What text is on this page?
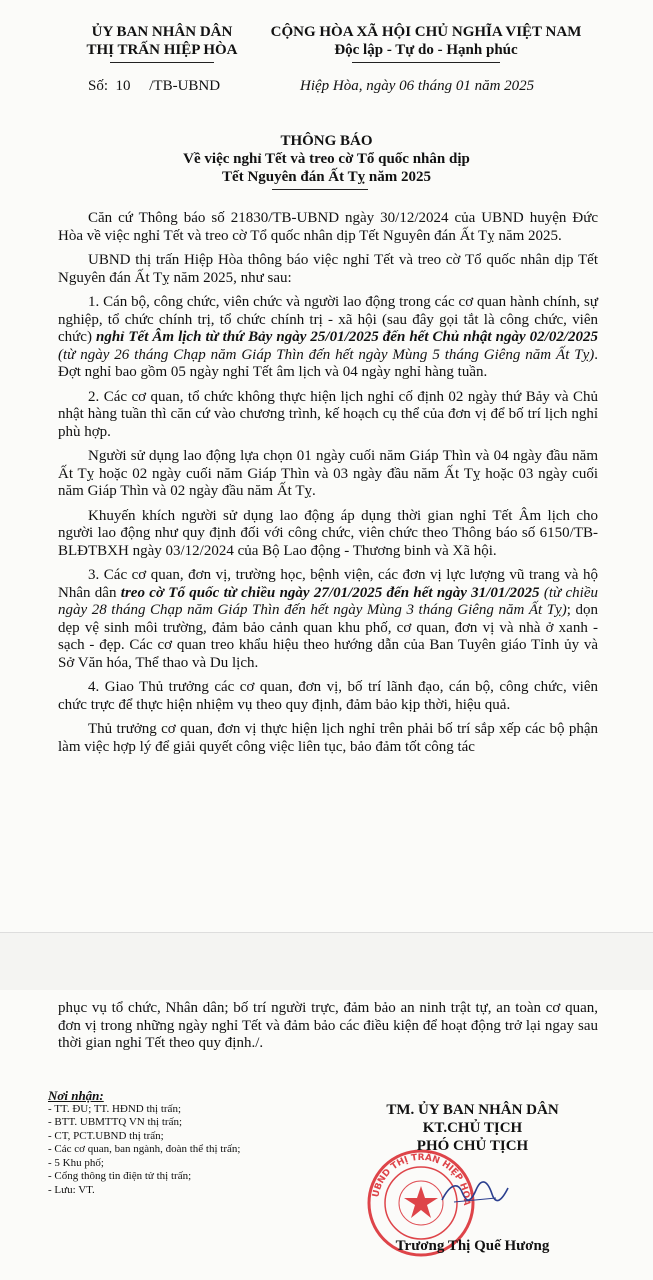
ỦY BAN NHÂN DÂN
THỊ TRẤN HIỆP HÒA
CỘNG HÒA XÃ HỘI CHỦ NGHĨA VIỆT NAM
Độc lập - Tự do - Hạnh phúc
Số:  10     /TB-UBND	Hiệp Hòa, ngày 06 tháng 01 năm 2025
THÔNG BÁO
Về việc nghỉ Tết và treo cờ Tổ quốc nhân dịp
Tết Nguyên đán Ất Tỵ năm 2025

Căn cứ Thông báo số 21830/TB-UBND ngày 30/12/2024 của UBND huyện Đức Hòa về việc nghỉ Tết và treo cờ Tổ quốc nhân dịp Tết Nguyên đán Ất Tỵ năm 2025.

UBND thị trấn Hiệp Hòa thông báo việc nghỉ Tết và treo cờ Tổ quốc nhân dịp Tết Nguyên đán Ất Tỵ năm 2025, như sau:

1. Cán bộ, công chức, viên chức và người lao động trong các cơ quan hành chính, sự nghiệp, tổ chức chính trị, tổ chức chính trị - xã hội (sau đây gọi tắt là công chức, viên chức) nghỉ Tết Âm lịch từ thứ Bảy ngày 25/01/2025 đến hết Chủ nhật ngày 02/02/2025 (từ ngày 26 tháng Chạp năm Giáp Thìn đến hết ngày Mùng 5 tháng Giêng năm Ất Tỵ). Đợt nghỉ bao gồm 05 ngày nghỉ Tết âm lịch và 04 ngày nghỉ hàng tuần.

2. Các cơ quan, tổ chức không thực hiện lịch nghỉ cố định 02 ngày thứ Bảy và Chủ nhật hàng tuần thì căn cứ vào chương trình, kế hoạch cụ thể của đơn vị để bố trí lịch nghỉ phù hợp.

Người sử dụng lao động lựa chọn 01 ngày cuối năm Giáp Thìn và 04 ngày đầu năm Ất Tỵ hoặc 02 ngày cuối năm Giáp Thìn và 03 ngày đầu năm Ất Tỵ hoặc 03 ngày cuối năm Giáp Thìn và 02 ngày đầu năm Ất Tỵ.

Khuyến khích người sử dụng lao động áp dụng thời gian nghỉ Tết Âm lịch cho người lao động như quy định đối với công chức, viên chức theo Thông báo số 6150/TB-BLĐTBXH ngày 03/12/2024 của Bộ Lao động - Thương binh và Xã hội.

3. Các cơ quan, đơn vị, trường học, bệnh viện, các đơn vị lực lượng vũ trang và hộ Nhân dân treo cờ Tổ quốc từ chiều ngày 27/01/2025 đến hết ngày 31/01/2025 (từ chiều ngày 28 tháng Chạp năm Giáp Thìn đến hết ngày Mùng 3 tháng Giêng năm Ất Tỵ); dọn dẹp vệ sinh môi trường, đảm bảo cảnh quan khu phố, cơ quan, đơn vị và nhà ở xanh - sạch - đẹp. Các cơ quan treo khẩu hiệu theo hướng dẫn của Ban Tuyên giáo Tỉnh ủy và Sở Văn hóa, Thể thao và Du lịch.

4. Giao Thủ trưởng các cơ quan, đơn vị, bố trí lãnh đạo, cán bộ, công chức, viên chức trực để thực hiện nhiệm vụ theo quy định, đảm bảo kịp thời, hiệu quả.

Thủ trưởng cơ quan, đơn vị thực hiện lịch nghỉ trên phải bố trí sắp xếp các bộ phận làm việc hợp lý để giải quyết công việc liên tục, bảo đảm tốt công tác

phục vụ tổ chức, Nhân dân; bố trí người trực, đảm bảo an ninh trật tự, an toàn cơ quan, đơn vị trong những ngày nghỉ Tết và đảm bảo các điều kiện để hoạt động trở lại ngay sau thời gian nghỉ Tết theo quy định./.

Nơi nhận:
- TT. ĐU; TT. HĐND thị trấn;
- BTT. UBMTTQ VN thị trấn;
- CT, PCT.UBND thị trấn;
- Các cơ quan, ban ngành, đoàn thể thị trấn;
- 5 Khu phố;
- Cổng thông tin điện tử thị trấn;
- Lưu: VT.	UBND THỊ TRẤN HIỆP HÒA
TM. ỦY BAN NHÂN DÂN
KT.CHỦ TỊCH
PHÓ CHỦ TỊCH
Trương Thị Quế Hương
